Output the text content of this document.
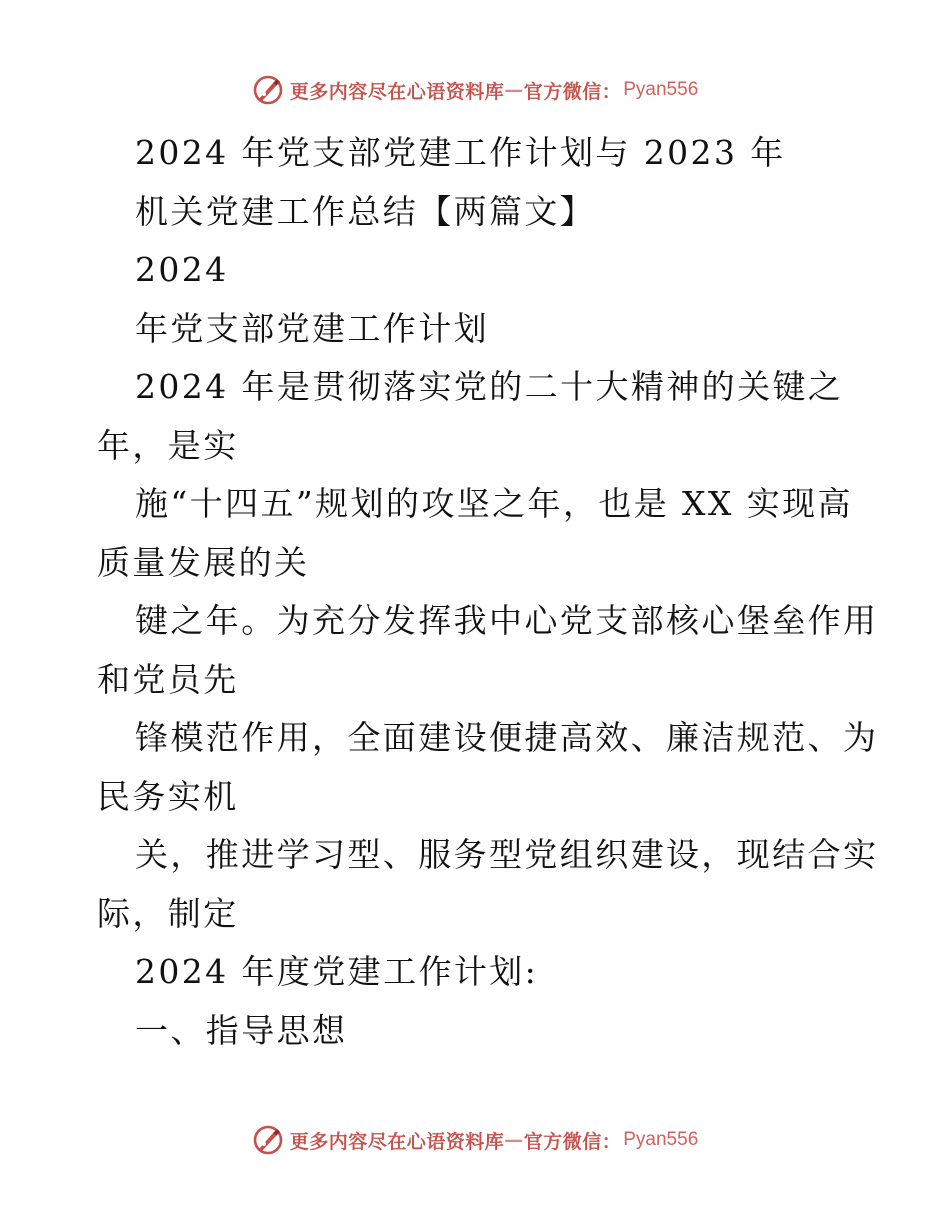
更多内容尽在心语资料库 — 官方微信： Pyan556
2024 年党支部党建工作计划与 2023 年
机关党建工作总结【两篇文】
2024
年党支部党建工作计划
2024 年是贯彻落实党的二十大精神的关键之
年，是实
施“十四五”规划的攻坚之年，也是 XX 实现高
质量发展的关
键之年。为充分发挥我中心党支部核心堡垒作用
和党员先
锋模范作用，全面建设便捷高效、廉洁规范、为
民务实机
关，推进学习型、服务型党组织建设，现结合实
际，制定
2024 年度党建工作计划:
一、指导思想
更多内容尽在心语资料库 — 官方微信： Pyan556
